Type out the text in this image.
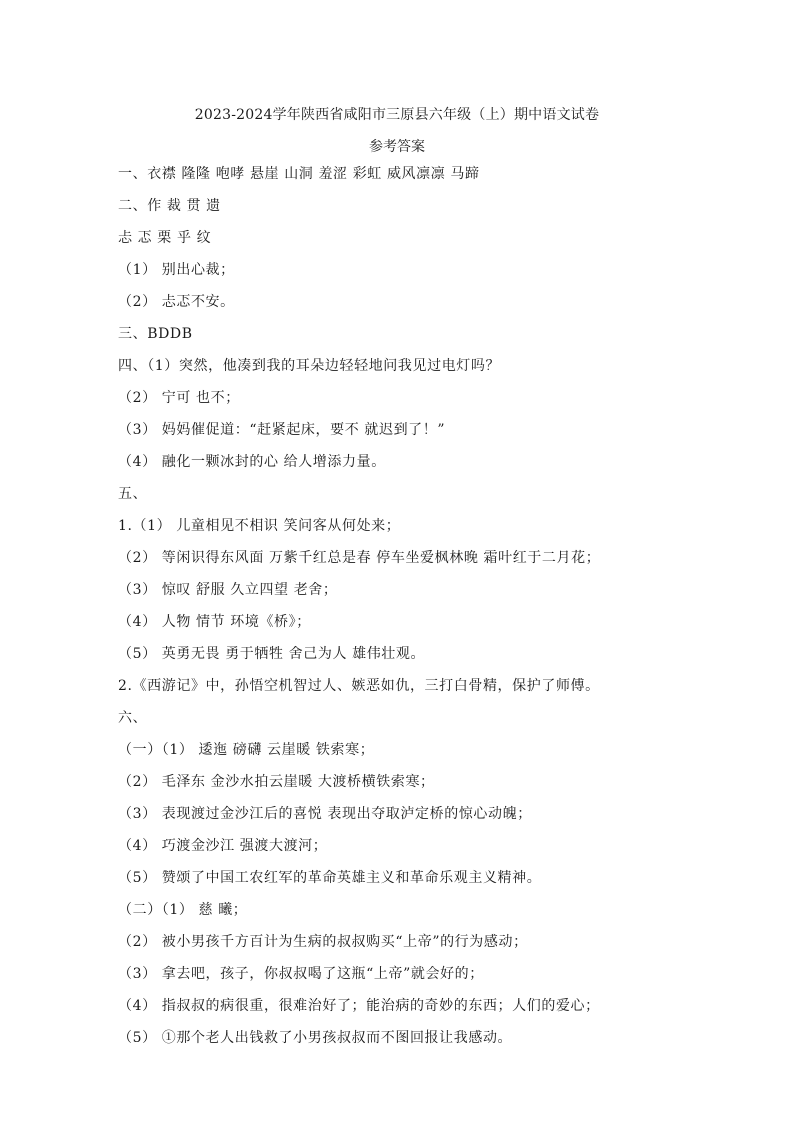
2023-2024学年陕西省咸阳市三原县六年级（上）期中语文试卷
参考答案
一、衣襟 隆隆 咆哮 悬崖 山洞 羞涩 彩虹 威风凛凛 马蹄
二、作 裁 贯 遗
忐 忑 栗 乎 纹
（1） 别出心裁；
（2） 忐忑不安。
三、BDDB
四、（1）突然，他凑到我的耳朵边轻轻地问我见过电灯吗？
（2） 宁可 也不；
（3） 妈妈催促道：“赶紧起床，要不 就迟到了！”
（4） 融化一颗冰封的心 给人增添力量。
五、
1.（1） 儿童相见不相识 笑问客从何处来；
（2） 等闲识得东风面 万紫千红总是春 停车坐爱枫林晚 霜叶红于二月花；
（3） 惊叹 舒服 久立四望 老舍；
（4） 人物 情节 环境《桥》；
（5） 英勇无畏 勇于牺牲 舍己为人 雄伟壮观。
2.《西游记》中，孙悟空机智过人、嫉恶如仇，三打白骨精，保护了师傅。
六、
（一）（1） 逶迤 磅礴 云崖暖 铁索寒；
（2） 毛泽东 金沙水拍云崖暖 大渡桥横铁索寒；
（3） 表现渡过金沙江后的喜悦 表现出夺取泸定桥的惊心动魄；
（4） 巧渡金沙江 强渡大渡河；
（5） 赞颂了中国工农红军的革命英雄主义和革命乐观主义精神。
（二）（1） 慈 曦；
（2） 被小男孩千方百计为生病的叔叔购买“上帝”的行为感动；
（3） 拿去吧，孩子，你叔叔喝了这瓶“上帝”就会好的；
（4） 指叔叔的病很重，很难治好了；能治病的奇妙的东西；人们的爱心；
（5） ①那个老人出钱救了小男孩叔叔而不图回报让我感动。
